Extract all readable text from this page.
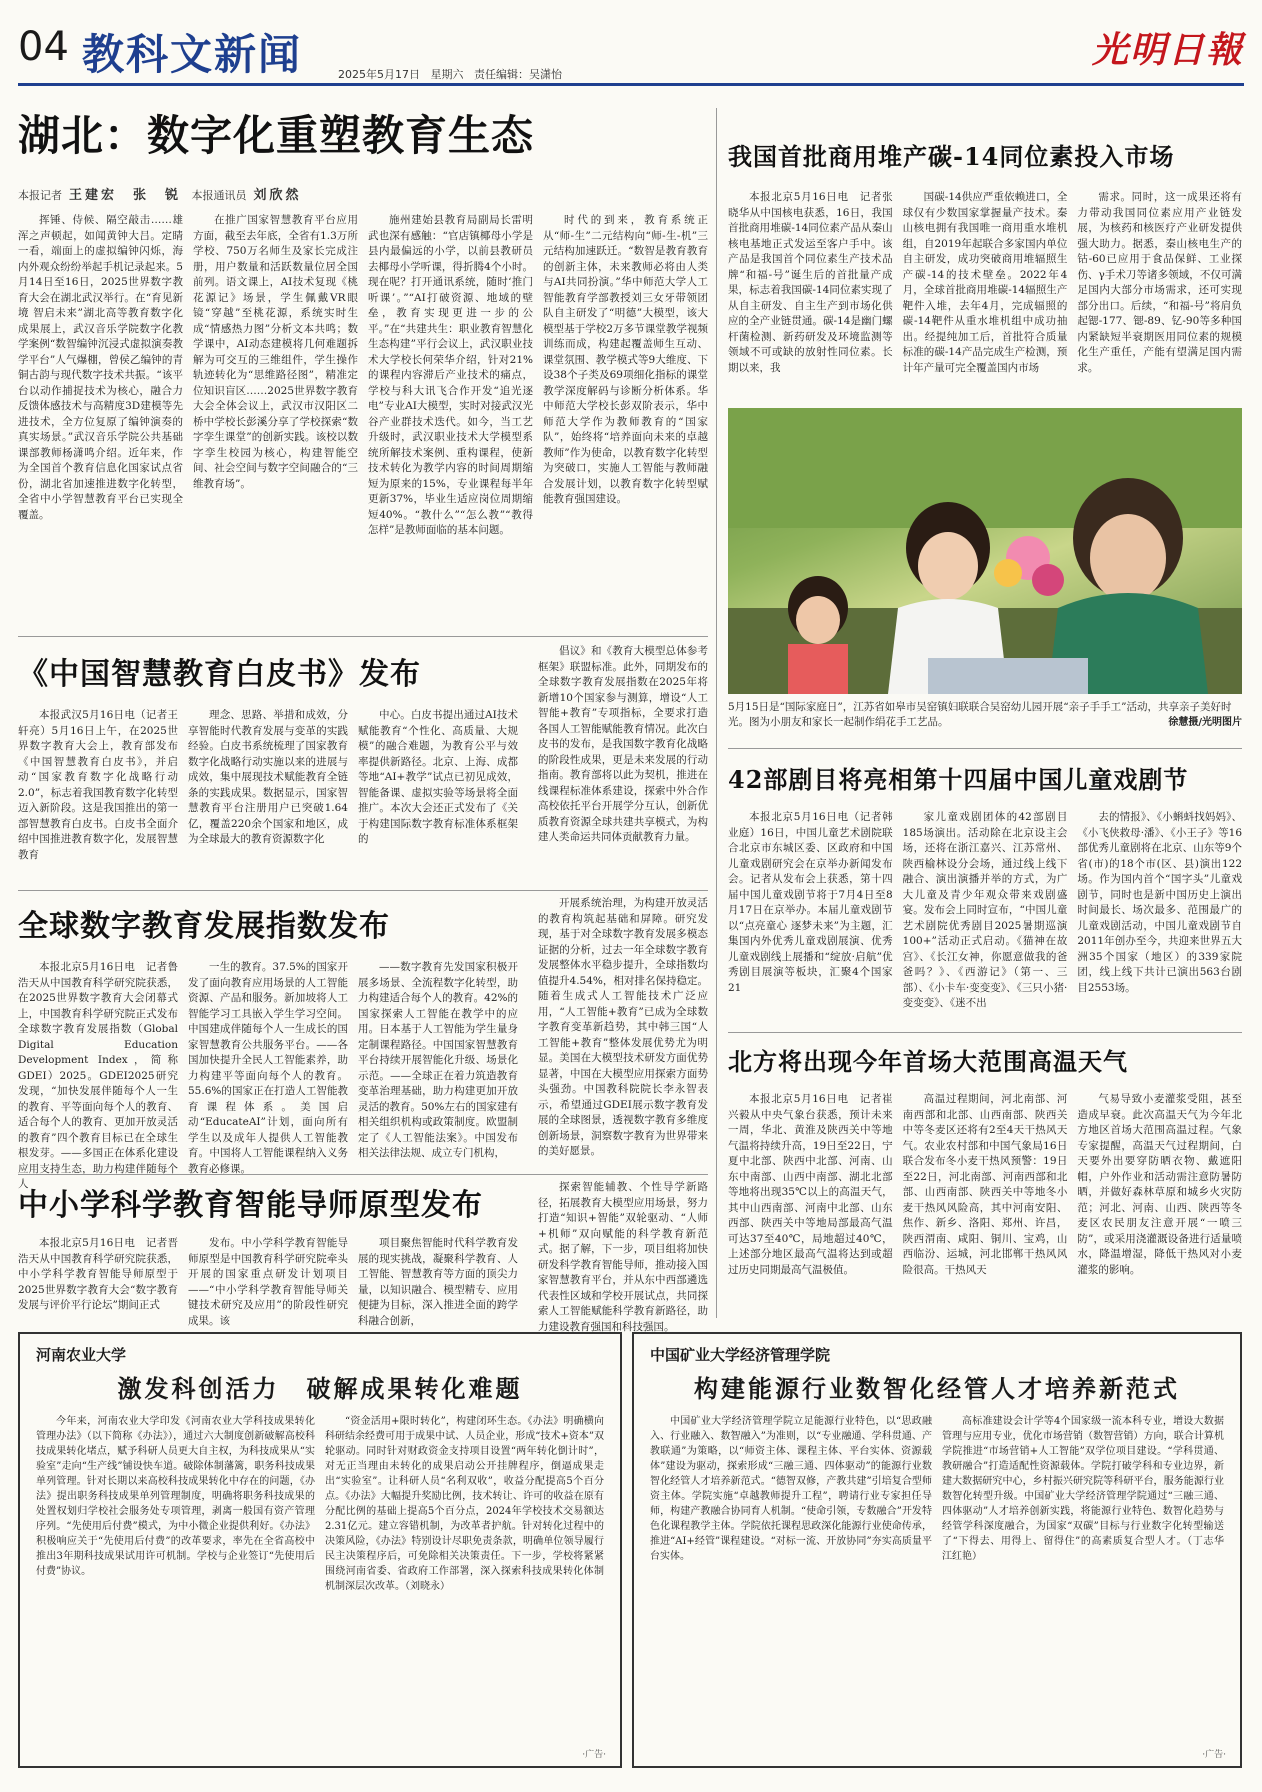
04 教科文新闻	2025年5月17日 星期六 责任编辑：吴潇怡
光明日報
湖北：数字化重塑教育生态
本报记者 王建宏　张　锐 本报通讯员 刘欣然

挥锤、侍候、隔空敲击……雄浑之声顿起，如闻黄钟大吕。定睛一看，端面上的虚拟编钟闪烁，海内外观众纷纷举起手机记录起来。5月14日至16日，2025世界数字教育大会在湖北武汉举行。在“育见新境 智启未来”湖北高等教育数字化成果展上，武汉音乐学院数字化教学案例“数智编钟沉浸式虚拟演奏教学平台”人气爆棚，曾侯乙编钟的青铜古韵与现代数字技术共振。“该平台以动作捕捉技术为核心，融合力反馈体感技术与高精度3D建模等先进技术，全方位复原了编钟演奏的真实场景。”武汉音乐学院公共基础课部教师杨潇鸣介绍。近年来，作为全国首个教育信息化国家试点省份，湖北省加速推进数字化转型，全省中小学智慧教育平台已实现全覆盖。

在推广国家智慧教育平台应用方面，截至去年底，全省有1.3万所学校、750万名师生及家长完成注册，用户数量和活跃数量位居全国前列。语文课上，AI技术复现《桃花源记》场景，学生佩戴VR眼镜“穿越”至桃花源，系统实时生成“情感热力图”分析文本共鸣；数学课中，AI动态建模将几何难题拆解为可交互的三维组件，学生操作轨迹转化为“思维路径图”，精准定位知识盲区……2025世界数字教育大会全体会议上，武汉市汉阳区二桥中学校长彭溪分享了学校探索“数字孪生课堂”的创新实践。该校以数字孪生校园为核心，构建智能空间、社会空间与数字空间融合的“三维教育场”。

施州建始县教育局副局长雷明武也深有感触：“官店镇椰母小学是县内最偏远的小学，以前县教研员去椰母小学听课，得折腾4个小时。现在呢？打开通讯系统，随时‘推门听课’。”“AI打破资源、地域的壁垒，教育实现更进一步的公平。”在“共建共生：职业教育智慧化生态构建”平行会议上，武汉职业技术大学校长何荣华介绍，针对21%的课程内容滞后产业技术的痛点，学校与科大讯飞合作开发“追光逐电”专业AI大模型，实时对接武汉光谷产业群技术迭代。如今，当工艺升级时，武汉职业技术大学模型系统所解技术案例、重构课程，使新技术转化为教学内容的时间周期缩短为原来的15%，专业课程每半年更新37%，毕业生适应岗位周期缩短40%。“教什么”“怎么教”“教得怎样”是教师面临的基本问题。

时代的到来，教育系统正从“师-生”二元结构向“师-生-机”三元结构加速跃迁。“数智是教育教育的创新主体，未来教师必将由人类与AI共同扮演。”华中师范大学人工智能教育学部教授刘三女牙带领团队自主研发了“明德”大模型，该大模型基于学校2万多节课堂教学视频训练而成，构建起覆盖师生互动、课堂氛围、教学模式等9大维度、下设38个子类及69项细化指标的课堂教学深度解码与诊断分析体系。华中师范大学校长彭双阶表示，华中师范大学作为教师教育的“国家队”，始终将“培养面向未来的卓越教师”作为使命，以教育数字化转型为突破口，实施人工智能与教师融合发展计划，以教育数字化转型赋能教育强国建设。

我国首批商用堆产碳-14同位素投入市场

本报北京5月16日电　记者张晓华从中国核电获悉，16日，我国首批商用堆碳-14同位素产品从秦山核电基地正式发运至客户手中。该产品是我国首个同位素生产技术品牌“和福-号”诞生后的首批量产成果，标志着我国碳-14同位素实现了从自主研发、自主生产到市场化供应的全产业链贯通。碳-14是幽门螺杆菌检测、新药研发及环境监测等领域不可或缺的放射性同位素。长期以来，我

国碳-14供应严重依赖进口，全球仅有少数国家掌握量产技术。秦山核电拥有我国唯一商用重水堆机组，自2019年起联合多家国内单位自主研发，成功突破商用堆辐照生产碳-14的技术壁垒。2022年4月，全球首批商用堆碳-14辐照生产靶件入堆，去年4月，完成辐照的碳-14靶件从重水堆机组中成功抽出。经提纯加工后，首批符合质量标准的碳-14产品完成生产检测，预计年产量可完全覆盖国内市场

需求。同时，这一成果还将有力带动我国同位素应用产业链发展，为核药和核医疗产业研发提供强大助力。据悉，秦山核电生产的钴-60已应用于食品保鲜、工业探伤、γ手术刀等诸多领域，不仅可满足国内大部分市场需求，还可实现部分出口。后续，“和福-号”将肩负起锶-177、锶-89、钇-90等多种国内紧缺短半衰期医用同位素的规模化生产重任，产能有望满足国内需求。

5月15日是“国际家庭日”，江苏省如皋市吴窑镇妇联联合吴窑幼儿园开展“亲子手手工”活动，共享亲子美好时光。图为小朋友和家长一起制作绢花手工艺品。	徐慧摄/光明图片
《中国智慧教育白皮书》发布

本报武汉5月16日电（记者王轩亮）5月16日上午，在2025世界数字教育大会上，教育部发布《中国智慧教育白皮书》，并启动“国家教育数字化战略行动2.0”，标志着我国教育数字化转型迈入新阶段。这是我国推出的第一部智慧教育白皮书。白皮书全面介绍中国推进教育数字化，发展智慧教育

理念、思路、举措和成效，分享智能时代教育发展与变革的实践经验。白皮书系统梳理了国家教育数字化战略行动实施以来的进展与成效，集中展现技术赋能教育全链条的实践成果。数据显示，国家智慧教育平台注册用户已突破1.64亿，覆盖220余个国家和地区，成为全球最大的教育资源数字化

中心。白皮书提出通过AI技术赋能教育“个性化、高质量、大规模”的融合难题，为教育公平与效率提供新路径。北京、上海、成都等地“AI+教学”试点已初见成效，智能备课、虚拟实验等场景将全面推广。本次大会还正式发布了《关于构建国际数字教育标准体系框架的

倡议》和《教育大模型总体参考框架》联盟标准。此外，同期发布的全球数字教育发展指数在2025年将新增10个国家参与测算，增设“人工智能+教育”专项指标，全要求打造各国人工智能赋能教育情况。此次白皮书的发布，是我国数字教育化战略的阶段性成果，更是未来发展的行动指南。教育部将以此为契机，推进在线课程标准体系建设，探索中外合作高校依托平台开展学分互认，创新优质教育资源全球共建共享模式，为构建人类命运共同体贡献教育力量。

全球数字教育发展指数发布

本报北京5月16日电　记者鲁浩天从中国教育科学研究院获悉，在2025世界数字教育大会闭幕式上，中国教育科学研究院正式发布全球数字教育发展指数（Global Digital Education Development Index，简称GDEI）2025。GDEI2025研究发现，“加快发展伴随每个人一生的教育、平等面向每个人的教育、适合每个人的教育、更加开放灵活的教育”四个教育目标已在全球生根发芽。——多国正在体系化建设应用支持生态，助力构建伴随每个人

一生的教育。37.5%的国家开发了面向教育应用场景的人工智能资源、产品和服务。新加坡将人工智能学习工具嵌入学生学习空间。中国建成伴随每个人一生成长的国家智慧教育公共服务平台。——各国加快提升全民人工智能素养，助力构建平等面向每个人的教育。55.6%的国家正在打造人工智能教育课程体系。美国启动“EducateAI”计划，面向所有学生以及成年人提供人工智能教育。中国将人工智能课程纳入义务教育必修课。

——数字教育先发国家积极开展多场景、全流程数字化转型，助力构建适合每个人的教育。42%的国家探索人工智能在教学中的应用。日本基于人工智能为学生量身定制课程路径。中国国家智慧教育平台持续开展智能化升级、场景化示范。——全球正在着力筑造教育变革治理基础，助力构建更加开放灵活的教育。50%左右的国家建有相关组织机构或政策制度。欧盟制定了《人工智能法案》。中国发布相关法律法规、成立专门机构，

开展系统治理，为构建开放灵活的教育构筑起基础和屏障。研究发现，基于对全球数字教育发展多模态证据的分析，过去一年全球数字教育发展整体水平稳步提升，全球指数均值提升4.54%，相对排名保持稳定。随着生成式人工智能技术广泛应用，“人工智能+教育”已成为全球数字教育变革新趋势，其中韩三国“人工智能+教育”整体发展优势尤为明显。美国在大模型技术研发方面优势显著，中国在大模型应用探索方面势头强劲。中国教科院院长李永智表示，希望通过GDEI展示数字教育发展的全球图景，透视数字教育多维度创新场景，洞察数字教育为世界带来的美好愿景。

中小学科学教育智能导师原型发布

本报北京5月16日电　记者晋浩天从中国教育科学研究院获悉，中小学科学教育智能导师原型于2025世界数字教育大会“数字教育发展与评价平行论坛”期间正式

发布。中小学科学教育智能导师原型是中国教育科学研究院牵头开展的国家重点研发计划项目——“中小学科学教育智能导师关键技术研究及应用”的阶段性研究成果。该

项目聚焦智能时代科学教育发展的现实挑战，凝聚科学教育、人工智能、智慧教育等方面的顶尖力量，以知识融合、模型精专、应用便捷为目标，深入推进全面的跨学科融合创新，

探索智能辅教、个性导学新路径，拓展教育大模型应用场景，努力打造“知识+智能”双轮驱动、“人师+机师”双向赋能的科学教育新范式。据了解，下一步，项目组将加快研发科学教育智能导师，推动接入国家智慧教育平台，并从东中西部遴选代表性区域和学校开展试点，共同探索人工智能赋能科学教育新路径，助力建设教育强国和科技强国。

42部剧目将亮相第十四届中国儿童戏剧节

本报北京5月16日电（记者韩业庭）16日，中国儿童艺术剧院联合北京市东城区委、区政府和中国儿童戏剧研究会在京举办新闻发布会。记者从发布会上获悉，第十四届中国儿童戏剧节将于7月4日至8月17日在京举办。本届儿童戏剧节以“点亮童心 逐梦未来”为主题，汇集国内外优秀儿童戏剧展演、优秀儿童戏剧线上展播和“绽放·启航”优秀剧目展演等板块，汇聚4个国家21

家儿童戏剧团体的42部剧目185场演出。活动除在北京设主会场，还将在浙江嘉兴、江苏常州、陕西榆林设分会场，通过线上线下融合、演出演播并举的方式，为广大儿童及青少年观众带来戏剧盛宴。发布会上同时宣布，“中国儿童艺术剧院优秀剧目2025暑期巡演100+”活动正式启动。《猫神在故宫》、《长江女神，你愿意做我的爸爸吗？》、《西游记》（第一、三部）、《小卡车·变变变》、《三只小猪·变变变》、《迷不出

去的情报》、《小蝌蚪找妈妈》、《小飞侠救母·潘》、《小王子》等16部优秀儿童剧将在北京、山东等9个省(市)的18个市(区、县)演出122场。作为国内首个“国字头”儿童戏剧节，同时也是新中国历史上演出时间最长、场次最多、范围最广的儿童戏剧活动，中国儿童戏剧节自2011年创办至今，共迎来世界五大洲35个国家（地区）的339家院团，线上线下共计已演出563台剧目2553场。

北方将出现今年首场大范围高温天气

本报北京5月16日电　记者崔兴毅从中央气象台获悉，预计未来一周，华北、黄淮及陕西关中等地气温将持续升高，19日至22日，宁夏中北部、陕西中北部、河南、山东中南部、山西中南部、湖北北部等地将出现35℃以上的高温天气，其中山西南部、河南中北部、山东西部、陕西关中等地局部最高气温可达37至40℃，局地超过40℃，上述部分地区最高气温将达到或超过历史同期最高气温极值。

高温过程期间，河北南部、河南西部和北部、山西南部、陕西关中等冬麦区还将有2至4天干热风天气。农业农村部和中国气象局16日联合发布冬小麦干热风预警：19日至22日，河北南部、河南西部和北部、山西南部、陕西关中等地冬小麦干热风风险高，其中河南安阳、焦作、新乡、洛阳、郑州、许昌，陕西渭南、咸阳、铜川、宝鸡，山西临汾、运城，河北邯郸干热风风险很高。干热风天

气易导致小麦灌浆受阻，甚至造成早衰。此次高温天气为今年北方地区首场大范围高温过程。气象专家提醒，高温天气过程期间，白天要外出要穿防晒衣物、戴遮阳帽，户外作业和活动需注意防暑防晒，并做好森林草原和城乡火灾防范；河北、河南、山西、陕西等冬麦区农民朋友注意开展“一喷三防”，或采用浇灌溉设备进行适量喷水，降温增湿，降低干热风对小麦灌浆的影响。

河南农业大学
激发科创活力　破解成果转化难题

今年来，河南农业大学印发《河南农业大学科技成果转化管理办法》（以下简称《办法》），通过六大制度创新破解高校科技成果转化堵点，赋予科研人员更大自主权，为科技成果从“实验室”走向“生产线”铺设快车道。破除体制藩篱，职务科技成果单列管理。针对长期以来高校科技成果转化中存在的问题，《办法》提出职务科技成果单列管理制度，明确将职务科技成果的处置权划归学校社会服务处专项管理，剥离一般国有资产管理序列。“先使用后付费”模式，为中小微企业提供利好。《办法》积极响应关于“先使用后付费”的改革要求，率先在全省高校中推出3年期科技成果试用许可机制。学校与企业签订“先使用后付费”协议。

“资金活用+限时转化”，构建闭环生态。《办法》明确横向科研结余经费可用于成果中试、人员企业，形成“技术+资本”双轮驱动。同时针对财政资金支持项目设置“两年转化倒计时”，对无正当理由未转化的成果启动公开挂牌程序，倒逼成果走出“实验室”。让科研人员“名利双收”，收益分配提高5个百分点。《办法》大幅提升奖励比例，技术转让、许可的收益在原有分配比例的基础上提高5个百分点，2024年学校技术交易额达2.31亿元。建立容错机制，为改革者护航。针对转化过程中的决策风险，《办法》特别设计尽职免责条款，明确单位领导履行民主决策程序后，可免除相关决策责任。下一步，学校将紧紧围绕河南省委、省政府工作部署，深入探索科技成果转化体制机制深层次改革。（刘晓永）

·广告·
中国矿业大学经济管理学院
构建能源行业数智化经管人才培养新范式

中国矿业大学经济管理学院立足能源行业特色，以“思政融入、行业融入、数智融入”为准则，以“专业融通、学科贯通、产教联通”为策略，以“师资主体、课程主体、平台实体、资源载体”建设为驱动，探索形成“三融三通、四体驱动”的能源行业数智化经管人才培养新范式。“德智双修，产教共建”引培复合型师资主体。学院实施“卓越教师提升工程”，聘请行业专家担任导师，构建产教融合协同育人机制。“使命引领，专数融合”开发特色化课程教学主体。学院依托课程思政深化能源行业使命传承，推进“AI+经管”课程建设。“对标一流、开放协同”夯实高质量平台实体。

高标准建设会计学等4个国家级一流本科专业，增设大数据管理与应用专业，优化市场营销（数智营销）方向，联合计算机学院推进“市场营销+人工智能”双学位项目建设。“学科贯通、教研融合”打造适配性资源载体。学院打破学科和专业边界，新建大数据研究中心，乡村振兴研究院等科研平台，服务能源行业数智化转型升级。中国矿业大学经济管理学院通过“三融三通、四体驱动”人才培养创新实践，将能源行业特色、数智化趋势与经管学科深度融合，为国家“双碳”目标与行业数字化转型输送了“下得去、用得上、留得住”的高素质复合型人才。（丁志华　江红艳）

·广告·
